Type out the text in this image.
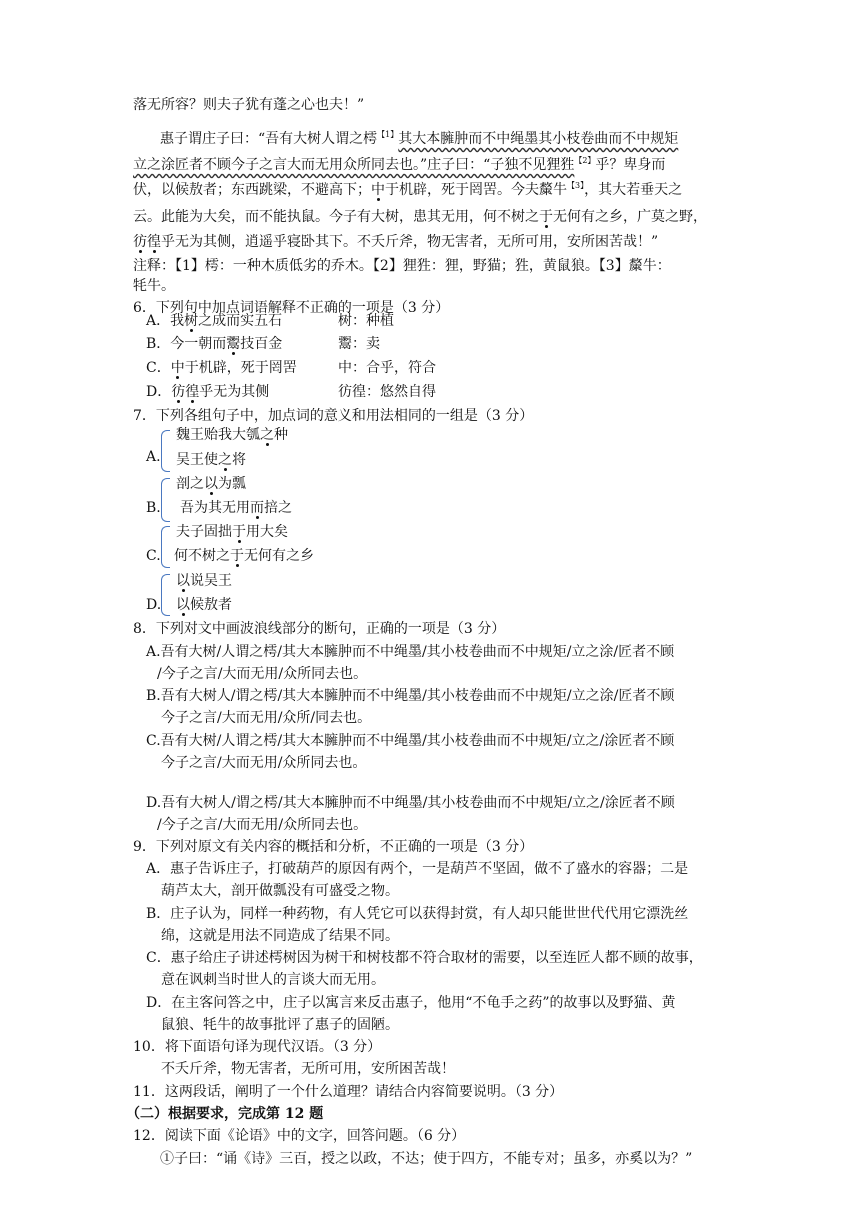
落无所容？则夫子犹有蓬之心也夫！”
惠子谓庄子曰：“吾有大树人谓之樗$^{【1】}$其大本臃肿而不中绳墨其小枝卷曲而不中规矩
立之涂匠者不顾今子之言大而无用众所同去也。”庄子曰：“子独不见狸狌$^{【2】}$乎？卑身而
伏，以候敖者；东西跳梁，不避高下；中于机辟，死于罔罟。今夫斄牛$^{【3】}$，其大若垂天之
云。此能为大矣，而不能执鼠。今子有大树，患其无用，何不树之于无何有之乡，广莫之野，
彷徨乎无为其侧，逍遥乎寝卧其下。不夭斤斧，物无害者，无所可用，安所困苦哉！”
注释：【1】樗：一种木质低劣的乔木。【2】狸狌：狸，野猫；狌，黄鼠狼。【3】斄牛：
牦牛。
6．下列句中加点词语解释不正确的一项是（3 分）
A．我树之成而实五石	树：种植
B．今一朝而鬻技百金	鬻：卖
C．中于机辟，死于罔罟	中：合乎，符合
D．彷徨乎无为其侧	彷徨：悠然自得
7．下列各组句子中，加点词的意义和用法相同的一组是（3 分）
A.
魏王贻我大瓠之种
吴王使之将
B.
剖之以为瓢
吾为其无用而掊之
C.
夫子固拙于用大矣
何不树之于无何有之乡
D.
以说吴王
以候敖者
8．下列对文中画波浪线部分的断句，正确的一项是（3 分）
A.吾有大树/人谓之樗/其大本臃肿而不中绳墨/其小枝卷曲而不中规矩/立之涂/匠者不顾
/今子之言/大而无用/众所同去也。
B.吾有大树人/谓之樗/其大本臃肿而不中绳墨/其小枝卷曲而不中规矩/立之涂/匠者不顾
今子之言/大而无用/众所/同去也。
C.吾有大树/人谓之樗/其大本臃肿而不中绳墨/其小枝卷曲而不中规矩/立之/涂匠者不顾
今子之言/大而无用/众所同去也。
D.吾有大树人/谓之樗/其大本臃肿而不中绳墨/其小枝卷曲而不中规矩/立之/涂匠者不顾
/今子之言/大而无用/众所同去也。
9．下列对原文有关内容的概括和分析，不正确的一项是（3 分）
A．惠子告诉庄子，打破葫芦的原因有两个，一是葫芦不坚固，做不了盛水的容器；二是
葫芦太大，剖开做瓢没有可盛受之物。
B．庄子认为，同样一种药物，有人凭它可以获得封赏，有人却只能世世代代用它漂洗丝
绵，这就是用法不同造成了结果不同。
C．惠子给庄子讲述樗树因为树干和树枝都不符合取材的需要，以至连匠人都不顾的故事，
意在讽刺当时世人的言谈大而无用。
D．在主客问答之中，庄子以寓言来反击惠子，他用“不龟手之药”的故事以及野猫、黄
鼠狼、牦牛的故事批评了惠子的固陋。
10．将下面语句译为现代汉语。（3 分）
不夭斤斧，物无害者，无所可用，安所困苦哉！
11．这两段话，阐明了一个什么道理？请结合内容简要说明。（3 分）
（二）根据要求，完成第 12 题
12．阅读下面《论语》中的文字，回答问题。（6 分）
①子曰：“诵《诗》三百，授之以政，不达；使于四方，不能专对；虽多，亦奚以为？”
